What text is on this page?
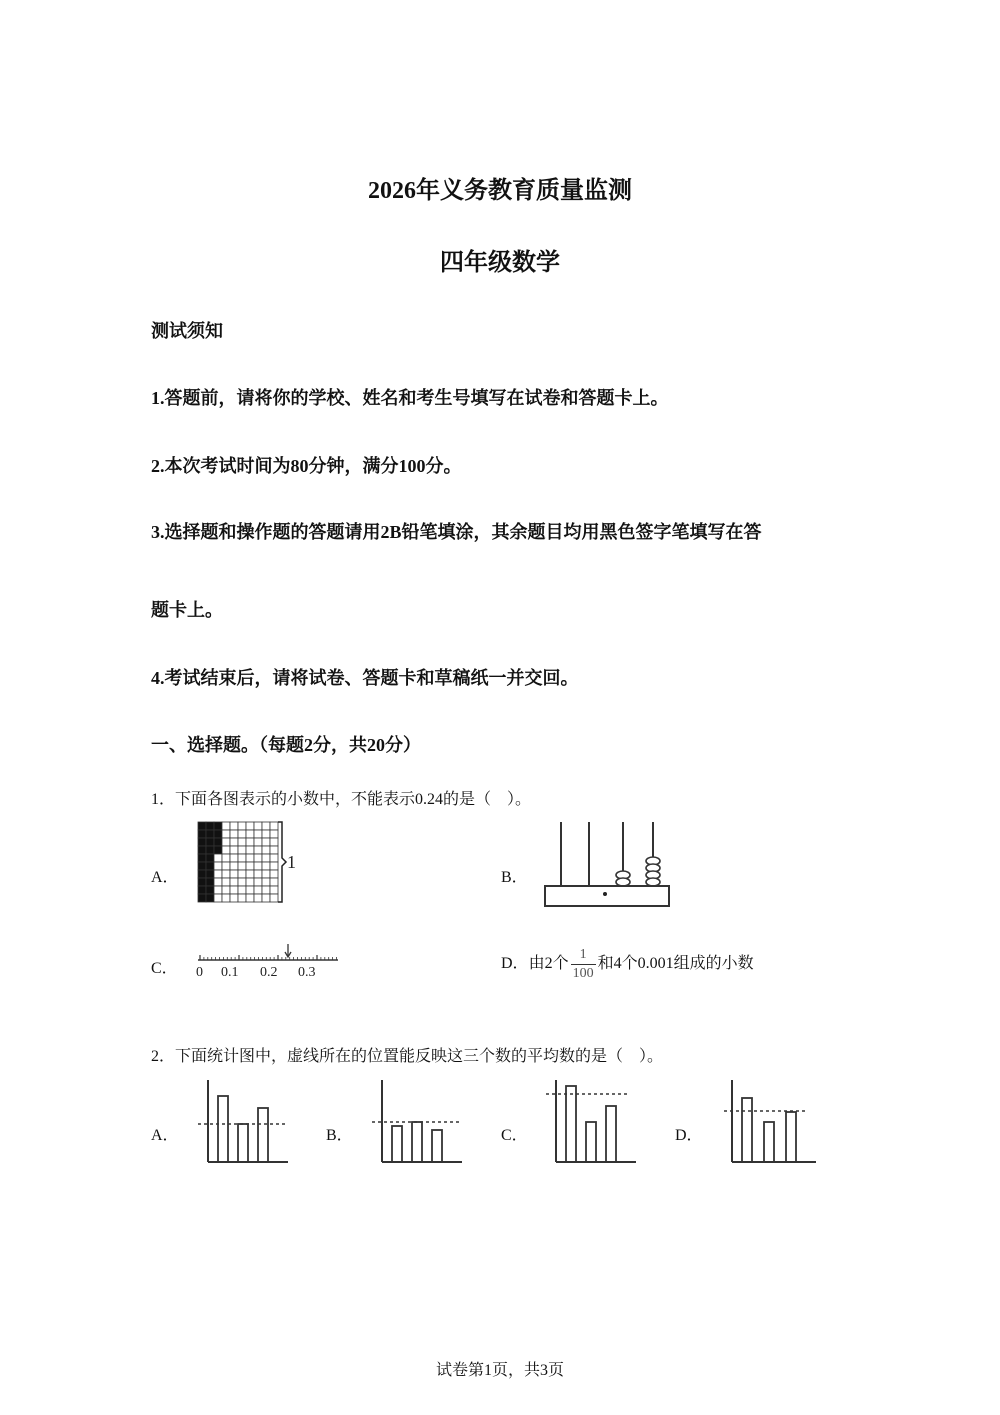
2026年义务教育质量监测
四年级数学
测试须知
1.答题前，请将你的学校、姓名和考生号填写在试卷和答题卡上。
2.本次考试时间为80分钟，满分100分。
3.选择题和操作题的答题请用2B铅笔填涂，其余题目均用黑色签字笔填写在答
题卡上。
4.考试结束后，请将试卷、答题卡和草稿纸一并交回。
一、选择题。（每题2分，共20分）
1．下面各图表示的小数中，不能表示0.24的是（　）。
A．
1
B．
C． 0 0.1 0.2 0.3
D．由2个 $\frac{1}{100}$ 和4个0.001组成的小数
2．下面统计图中，虚线所在的位置能反映这三个数的平均数的是（　）。
A．	B．	C．	D．
试卷第1页，共3页
